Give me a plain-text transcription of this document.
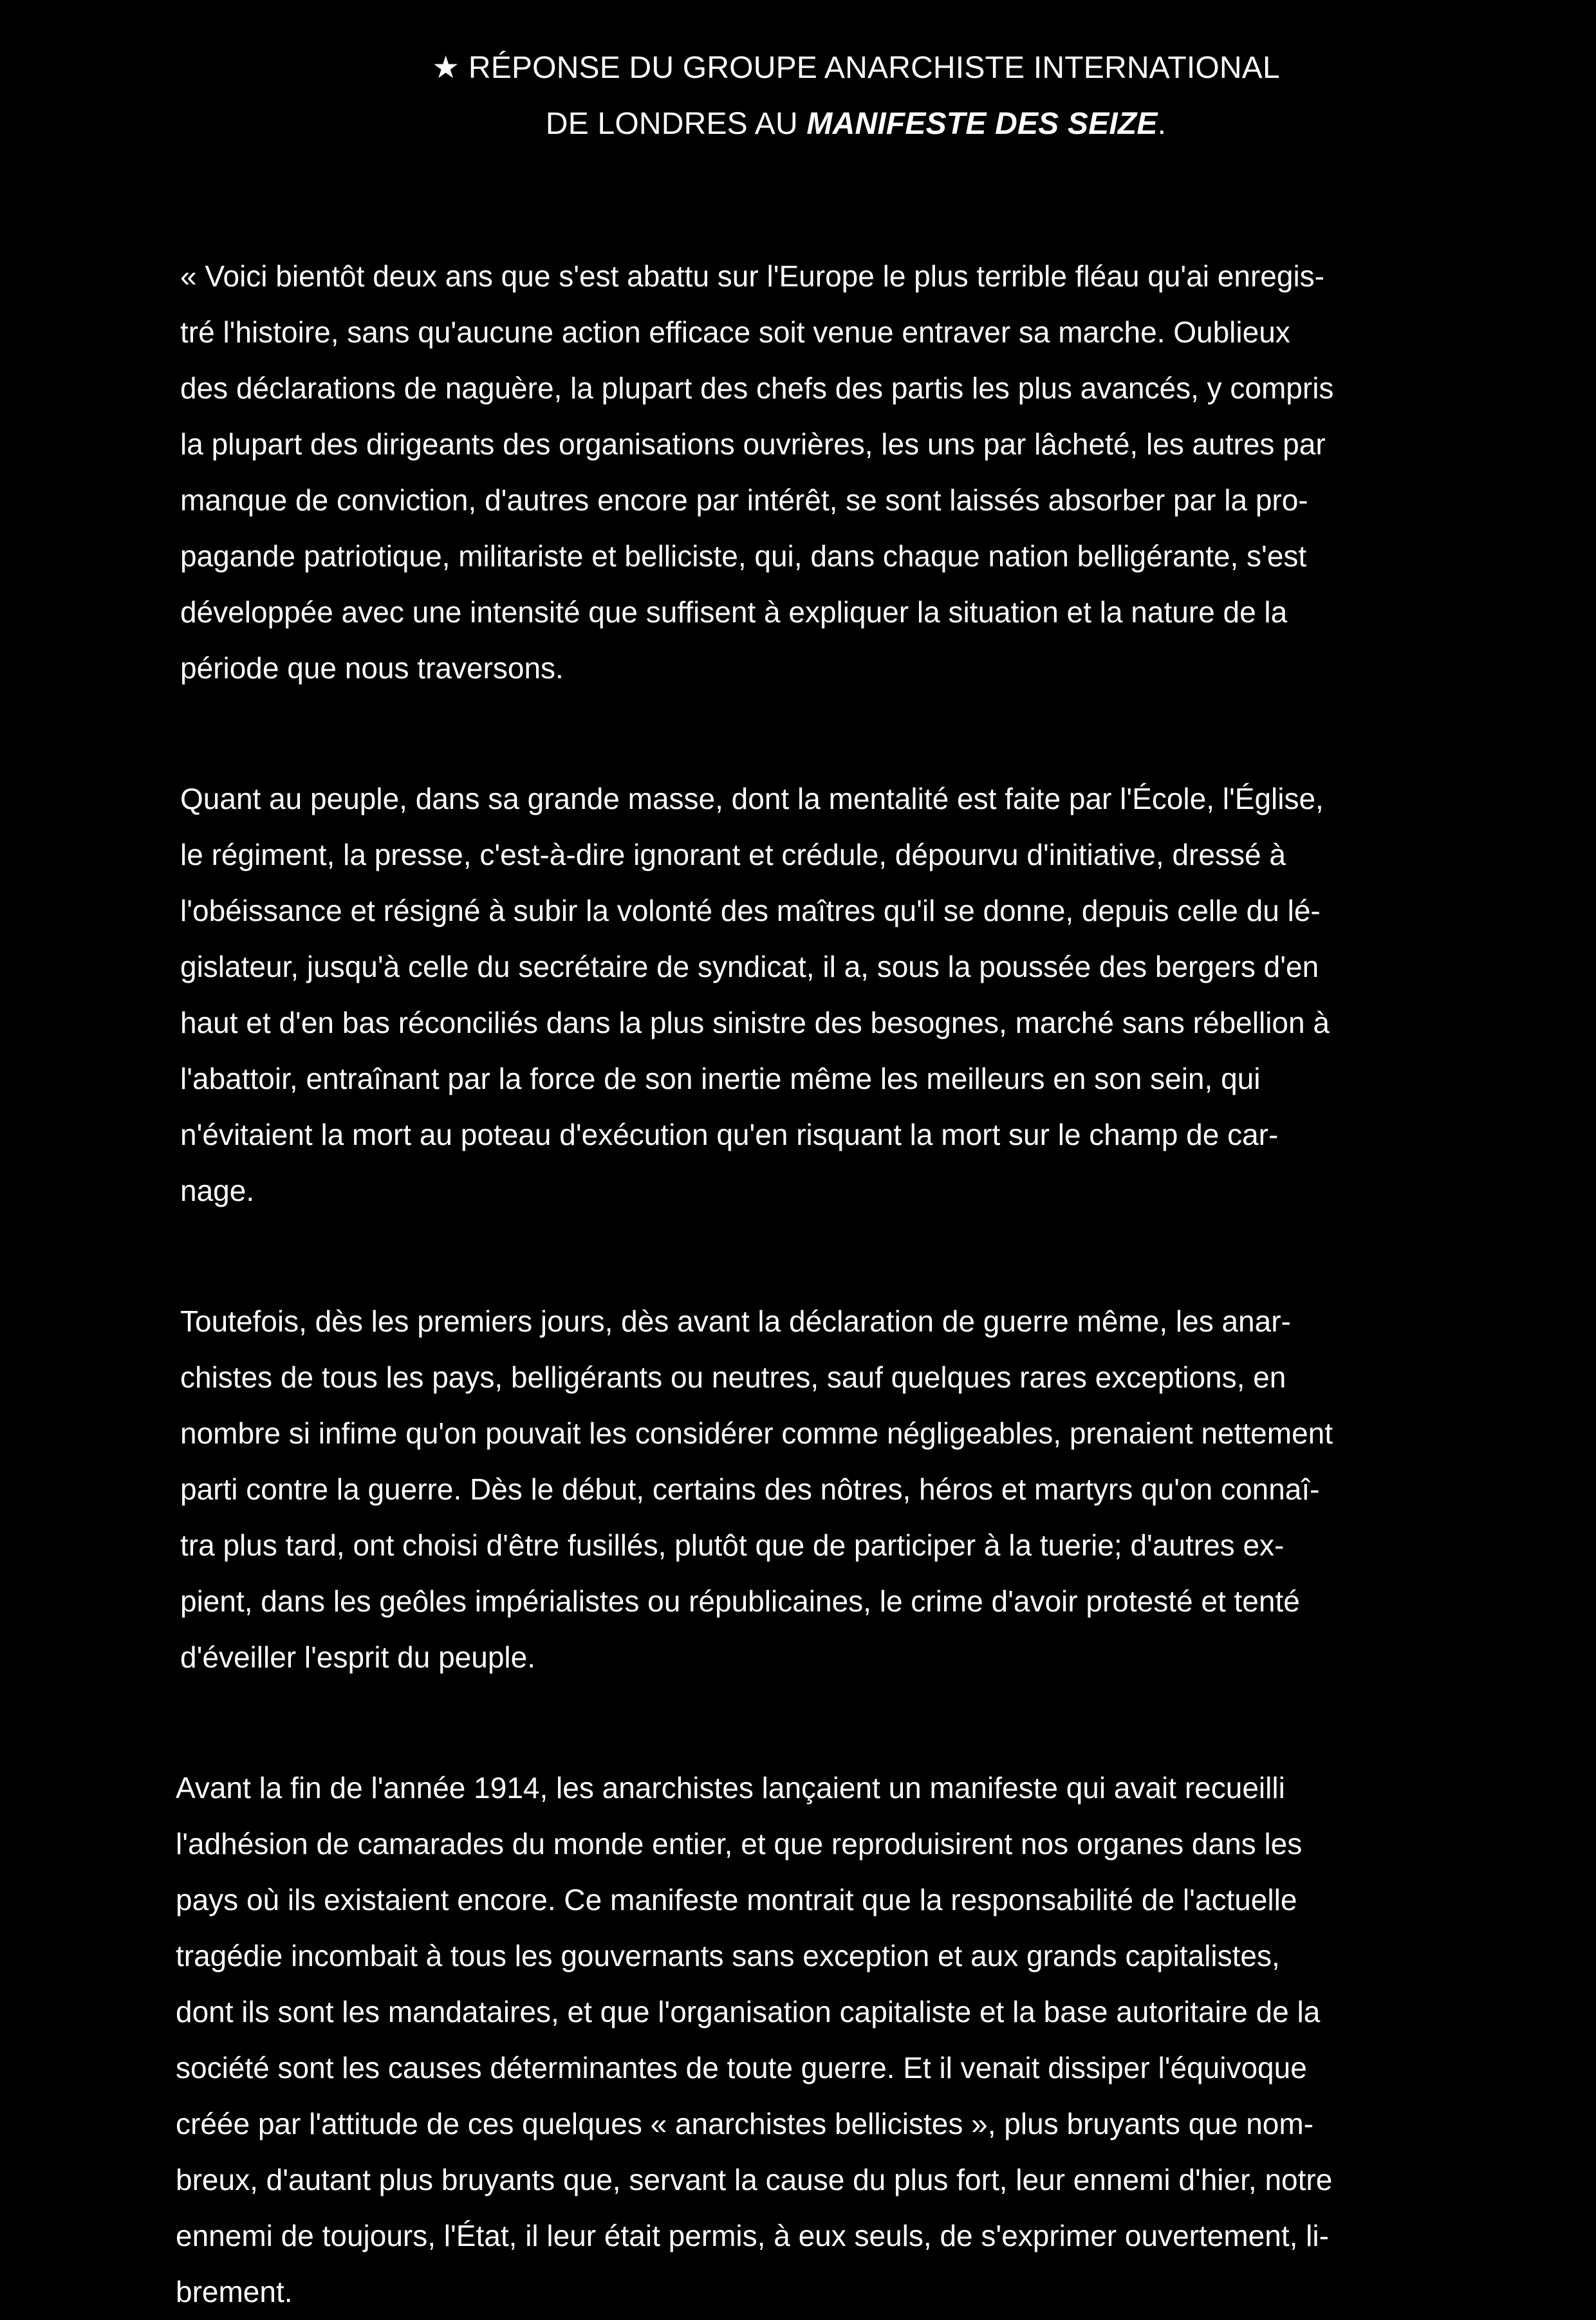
★ RÉPONSE DU GROUPE ANARCHISTE INTERNATIONAL
DE LONDRES AU MANIFESTE DES SEIZE.
« Voici bientôt deux ans que s'est abattu sur l'Europe le plus terrible fléau qu'ai enregis-
tré l'histoire, sans qu'aucune action efficace soit venue entraver sa marche. Oublieux
des déclarations de naguère, la plupart des chefs des partis les plus avancés, y compris
la plupart des dirigeants des organisations ouvrières, les uns par lâcheté, les autres par
manque de conviction, d'autres encore par intérêt, se sont laissés absorber par la pro-
pagande patriotique, militariste et belliciste, qui, dans chaque nation belligérante, s'est
développée avec une intensité que suffisent à expliquer la situation et la nature de la
période que nous traversons.
Quant au peuple, dans sa grande masse, dont la mentalité est faite par l'École, l'Église,
le régiment, la presse, c'est-à-dire ignorant et crédule, dépourvu d'initiative, dressé à
l'obéissance et résigné à subir la volonté des maîtres qu'il se donne, depuis celle du lé-
gislateur, jusqu'à celle du secrétaire de syndicat, il a, sous la poussée des bergers d'en
haut et d'en bas réconciliés dans la plus sinistre des besognes, marché sans rébellion à
l'abattoir, entraînant par la force de son inertie même les meilleurs en son sein, qui
n'évitaient la mort au poteau d'exécution qu'en risquant la mort sur le champ de car-
nage.
Toutefois, dès les premiers jours, dès avant la déclaration de guerre même, les anar-
chistes de tous les pays, belligérants ou neutres, sauf quelques rares exceptions, en
nombre si infime qu'on pouvait les considérer comme négligeables, prenaient nettement
parti contre la guerre. Dès le début, certains des nôtres, héros et martyrs qu'on connaî-
tra plus tard, ont choisi d'être fusillés, plutôt que de participer à la tuerie; d'autres ex-
pient, dans les geôles impérialistes ou républicaines, le crime d'avoir protesté et tenté
d'éveiller l'esprit du peuple.
Avant la fin de l'année 1914, les anarchistes lançaient un manifeste qui avait recueilli
l'adhésion de camarades du monde entier, et que reproduisirent nos organes dans les
pays où ils existaient encore. Ce manifeste montrait que la responsabilité de l'actuelle
tragédie incombait à tous les gouvernants sans exception et aux grands capitalistes,
dont ils sont les mandataires, et que l'organisation capitaliste et la base autoritaire de la
société sont les causes déterminantes de toute guerre. Et il venait dissiper l'équivoque
créée par l'attitude de ces quelques « anarchistes bellicistes », plus bruyants que nom-
breux, d'autant plus bruyants que, servant la cause du plus fort, leur ennemi d'hier, notre
ennemi de toujours, l'État, il leur était permis, à eux seuls, de s'exprimer ouvertement, li-
brement.
